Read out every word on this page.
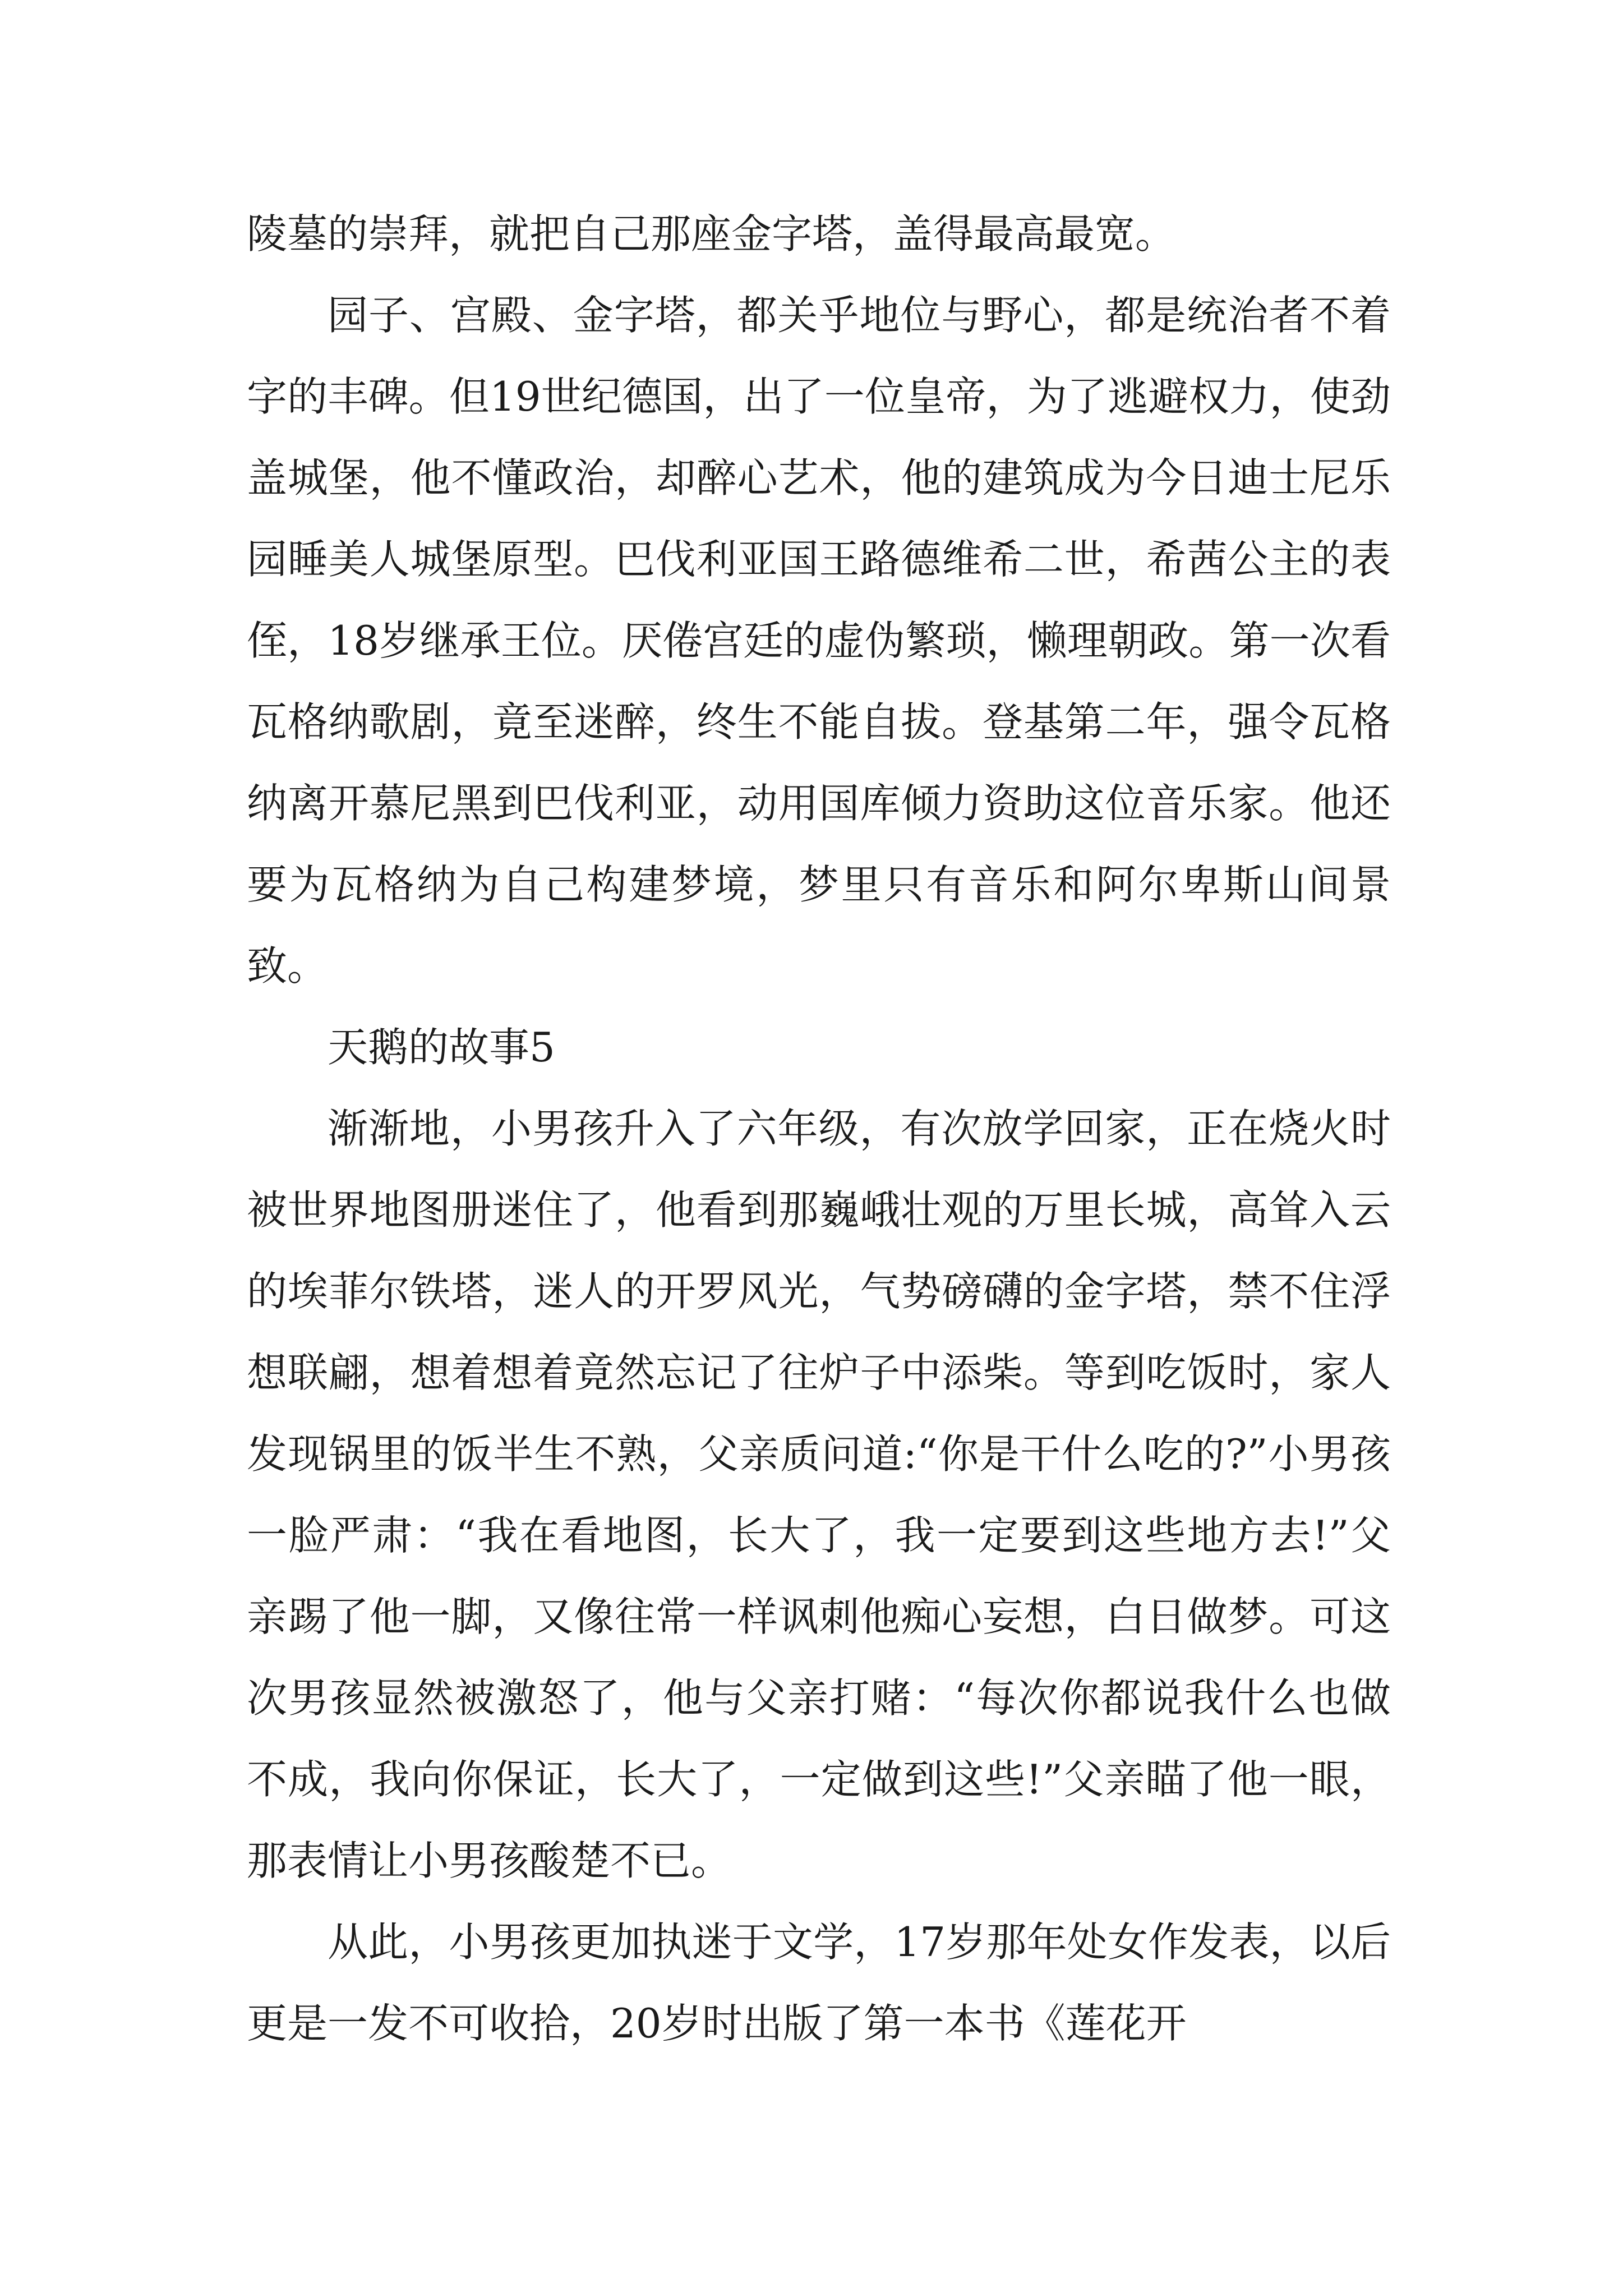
陵墓的崇拜，就把自己那座金字塔，盖得最高最宽。

园子、宫殿、金字塔，都关乎地位与野心，都是统治者不着字的丰碑。但19世纪德国，出了一位皇帝，为了逃避权力，使劲盖城堡，他不懂政治，却醉心艺术，他的建筑成为今日迪士尼乐园睡美人城堡原型。巴伐利亚国王路德维希二世，希茜公主的表侄，18岁继承王位。厌倦宫廷的虚伪繁琐，懒理朝政。第一次看瓦格纳歌剧，竟至迷醉，终生不能自拔。登基第二年，强令瓦格纳离开慕尼黑到巴伐利亚，动用国库倾力资助这位音乐家。他还要为瓦格纳为自己构建梦境，梦里只有音乐和阿尔卑斯山间景致。

天鹅的故事5

渐渐地，小男孩升入了六年级，有次放学回家，正在烧火时被世界地图册迷住了，他看到那巍峨壮观的万里长城，高耸入云的埃菲尔铁塔，迷人的开罗风光，气势磅礴的金字塔，禁不住浮想联翩，想着想着竟然忘记了往炉子中添柴。等到吃饭时，家人发现锅里的饭半生不熟，父亲质问道:“你是干什么吃的?”小男孩一脸严肃：“我在看地图，长大了，我一定要到这些地方去!”父亲踢了他一脚，又像往常一样讽刺他痴心妄想，白日做梦。可这次男孩显然被激怒了，他与父亲打赌：“每次你都说我什么也做不成，我向你保证，长大了，一定做到这些!”父亲瞄了他一眼，那表情让小男孩酸楚不已。

从此，小男孩更加执迷于文学，17岁那年处女作发表，以后更是一发不可收拾，20岁时出版了第一本书《莲花开
